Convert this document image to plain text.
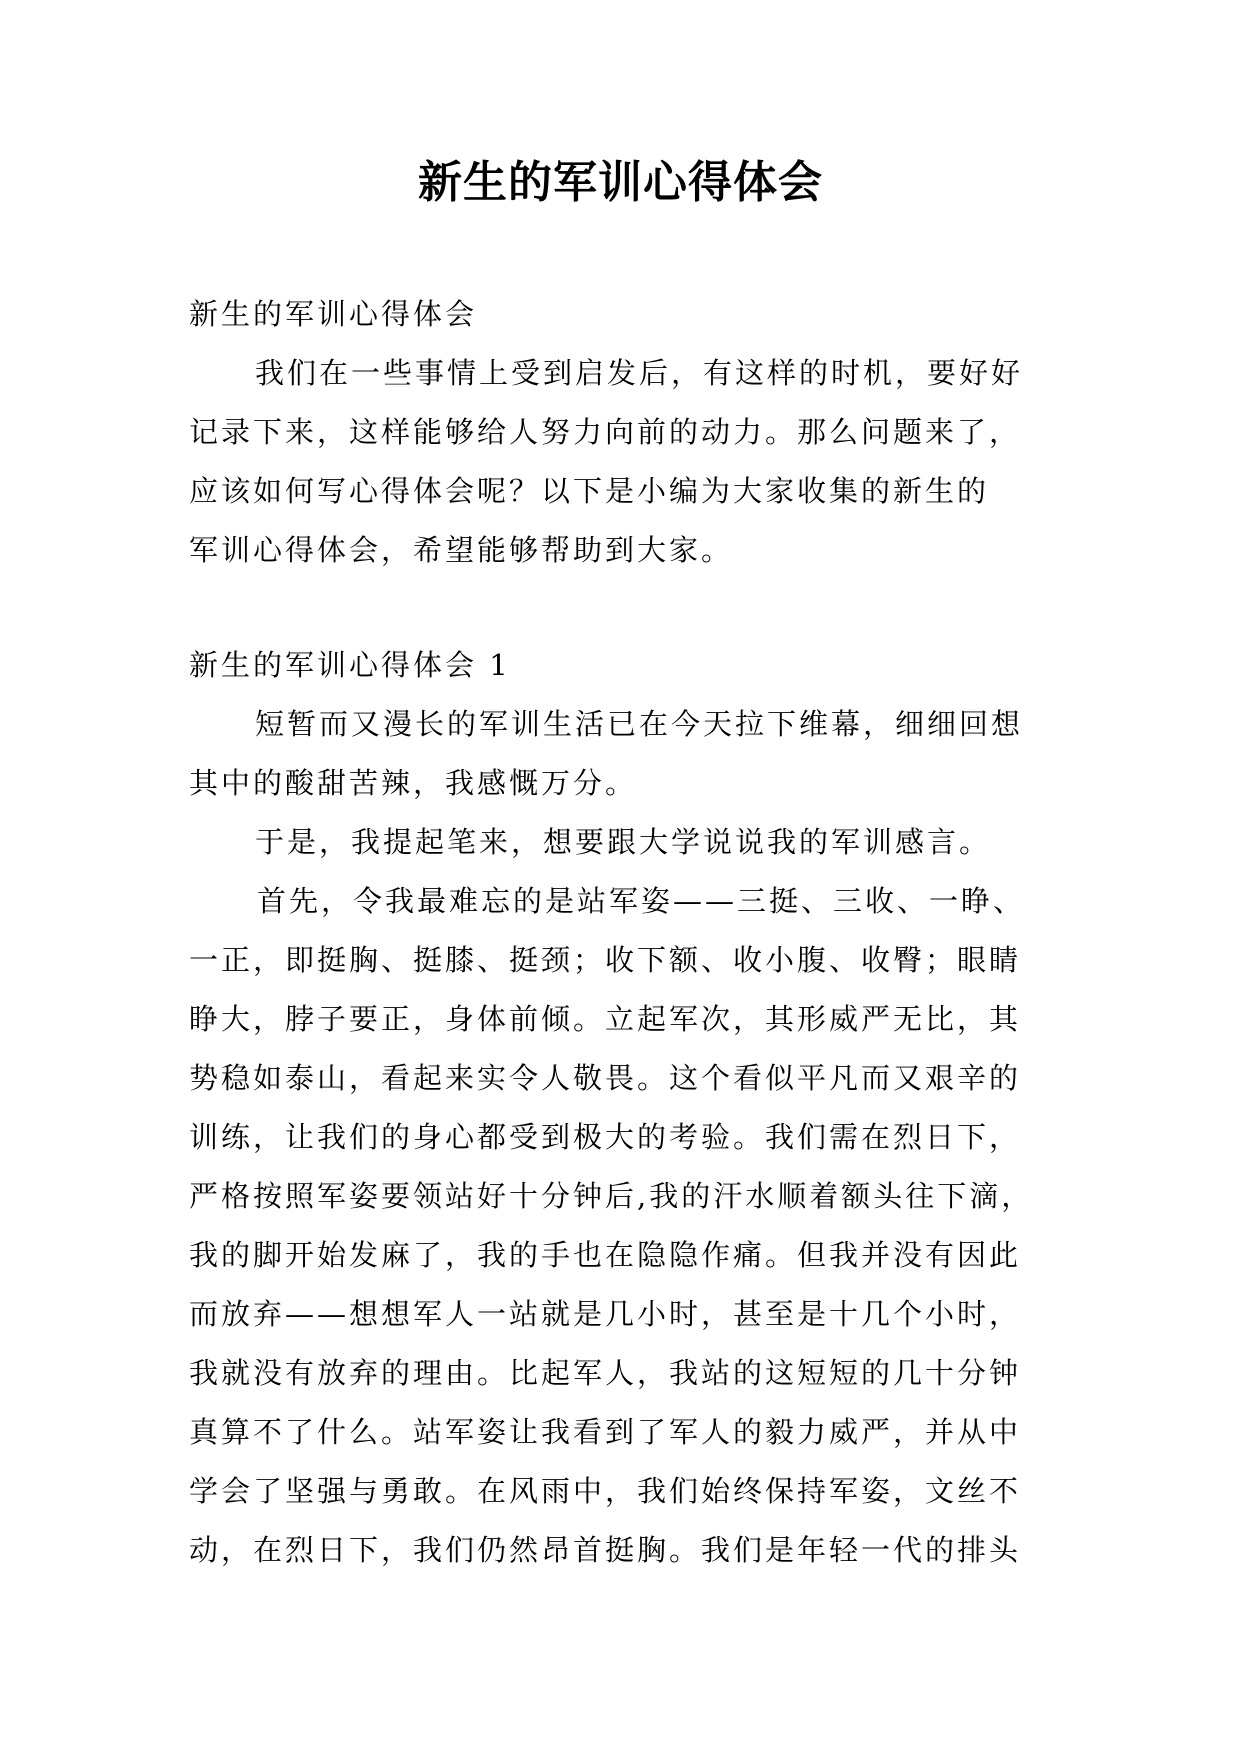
新生的军训心得体会

新生的军训心得体会

我们在一些事情上受到启发后，有这样的时机，要好好

记录下来，这样能够给人努力向前的动力。那么问题来了，

应该如何写心得体会呢？以下是小编为大家收集的新生的

军训心得体会，希望能够帮助到大家。

新生的军训心得体会 1

短暂而又漫长的军训生活已在今天拉下维幕，细细回想

其中的酸甜苦辣，我感慨万分。

于是，我提起笔来，想要跟大学说说我的军训感言。

首先，令我最难忘的是站军姿——三挺、三收、一睁、

一正，即挺胸、挺膝、挺颈；收下额、收小腹、收臀；眼睛

睁大，脖子要正，身体前倾。立起军次，其形威严无比，其

势稳如泰山，看起来实令人敬畏。这个看似平凡而又艰辛的

训练，让我们的身心都受到极大的考验。我们需在烈日下，

严格按照军姿要领站好十分钟后,我的汗水顺着额头往下滴，

我的脚开始发麻了，我的手也在隐隐作痛。但我并没有因此

而放弃——想想军人一站就是几小时，甚至是十几个小时，

我就没有放弃的理由。比起军人，我站的这短短的几十分钟

真算不了什么。站军姿让我看到了军人的毅力威严，并从中

学会了坚强与勇敢。在风雨中，我们始终保持军姿，文丝不

动，在烈日下，我们仍然昂首挺胸。我们是年轻一代的排头
